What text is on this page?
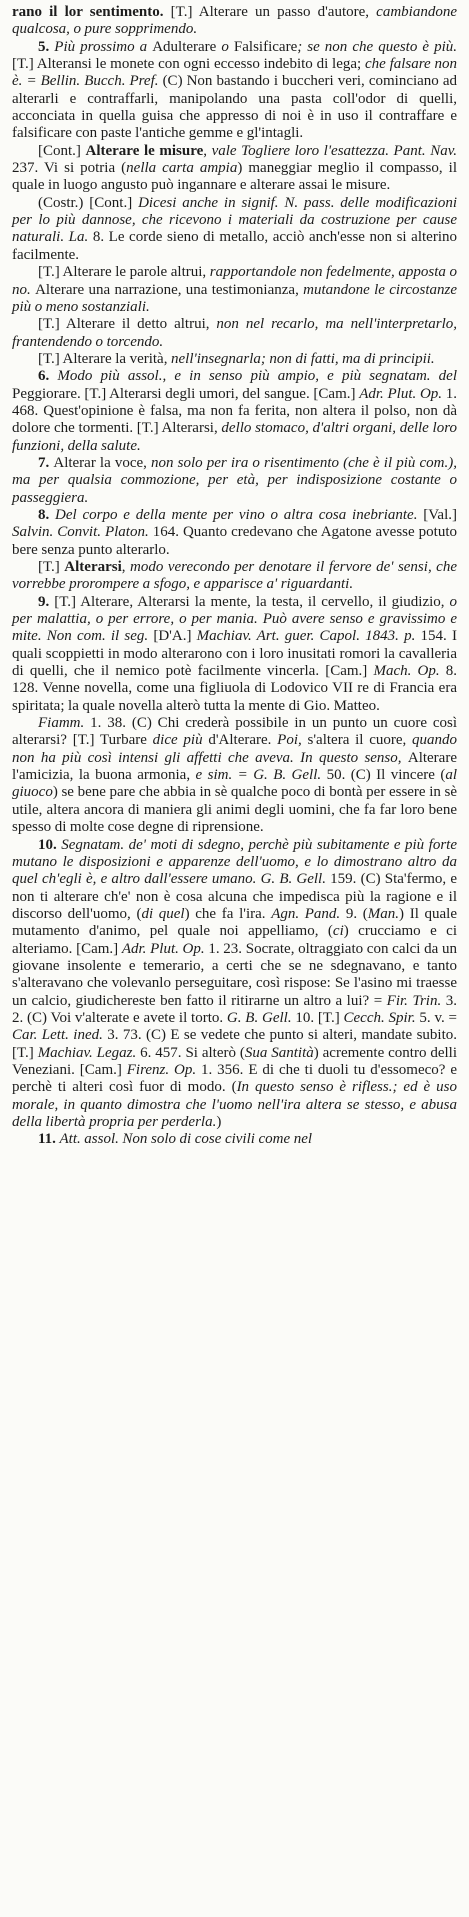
rano il lor sentimento. [T.] Alterare un passo d'autore, cambiandone qualcosa, o pure sopprimendo.

5. Più prossimo a Adulterare o Falsificare; se non che questo è più. [T.] Alteransi le monete con ogni eccesso indebito di lega; che falsare non è. = Bellin. Bucch. Pref. (C) Non bastando i buccheri veri, cominciano ad alterarli e contraffarli, manipolando una pasta coll'odor di quelli, acconciata in quella guisa che appresso di noi è in uso il contraffare e falsificare con paste l'antiche gemme e gl'intagli.

[Cont.] Alterare le misure, vale Togliere loro l'esattezza. Pant. Nav. 237. Vi si potria (nella carta ampia) maneggiar meglio il compasso, il quale in luogo angusto può ingannare e alterare assai le misure.

(Costr.) [Cont.] Dicesi anche in signif. N. pass. delle modificazioni per lo più dannose, che ricevono i materiali da costruzione per cause naturali. La. 8. Le corde sieno di metallo, acciò anch'esse non si alterino facilmente.

[T.] Alterare le parole altrui, rapportandole non fedelmente, apposta o no. Alterare una narrazione, una testimonianza, mutandone le circostanze più o meno sostanziali.

[T.] Alterare il detto altrui, non nel recarlo, ma nell'interpretarlo, frantendendo o torcendo.

[T.] Alterare la verità, nell'insegnarla; non di fatti, ma di principii.

6. Modo più assol., e in senso più ampio, e più segnatam. del Peggiorare. [T.] Alterarsi degli umori, del sangue. [Cam.] Adr. Plut. Op. 1. 468. Quest'opinione è falsa, ma non fa ferita, non altera il polso, non dà dolore che tormenti. [T.] Alterarsi, dello stomaco, d'altri organi, delle loro funzioni, della salute.

7. Alterar la voce, non solo per ira o risentimento (che è il più com.), ma per qualsia commozione, per età, per indisposizione costante o passeggiera.

8. Del corpo e della mente per vino o altra cosa inebriante. [Val.] Salvin. Convit. Platon. 164. Quanto credevano che Agatone avesse potuto bere senza punto alterarlo.

[T.] Alterarsi, modo verecondo per denotare il fervore de' sensi, che vorrebbe prorompere a sfogo, e apparisce a' riguardanti.

9. [T.] Alterare, Alterarsi la mente, la testa, il cervello, il giudizio, o per malattia, o per errore, o per mania. Può avere senso e gravissimo e mite. Non com. il seg. [D'A.] Machiav. Art. guer. Capol. 1843. p. 154. I quali scoppietti in modo alterarono con i loro inusitati romori la cavalleria di quelli, che il nemico potè facilmente vincerla. [Cam.] Mach. Op. 8. 128. Venne novella, come una figliuola di Lodovico VII re di Francia era spiritata; la quale novella alterò tutta la mente di Gio. Matteo.

Fiamm. 1. 38. (C) Chi crederà possibile in un punto un cuore così alterarsi? [T.] Turbare dice più d'Alterare. Poi, s'altera il cuore, quando non ha più così intensi gli affetti che aveva. In questo senso, Alterare l'amicizia, la buona armonia, e sim. = G. B. Gell. 50. (C) Il vincere (al giuoco) se bene pare che abbia in sè qualche poco di bontà per essere in sè utile, altera ancora di maniera gli animi degli uomini, che fa far loro bene spesso di molte cose degne di riprensione.

10. Segnatam. de' moti di sdegno, perchè più subitamente e più forte mutano le disposizioni e apparenze dell'uomo, e lo dimostrano altro da quel ch'egli è, e altro dall'essere umano. G. B. Gell. 159. (C) Sta'fermo, e non ti alterare ch'e' non è cosa alcuna che impedisca più la ragione e il discorso dell'uomo, (di quel) che fa l'ira. Agn. Pand. 9. (Man.) Il quale mutamento d'animo, pel quale noi appelliamo, (ci) crucciamo e ci alteriamo. [Cam.] Adr. Plut. Op. 1. 23. Socrate, oltraggiato con calci da un giovane insolente e temerario, a certi che se ne sdegnavano, e tanto s'alteravano che volevanlo perseguitare, così rispose: Se l'asino mi traesse un calcio, giudichereste ben fatto il ritirarne un altro a lui? = Fir. Trin. 3. 2. (C) Voi v'alterate e avete il torto. G. B. Gell. 10. [T.] Cecch. Spir. 5. v. = Car. Lett. ined. 3. 73. (C) E se vedete che punto si alteri, mandate subito. [T.] Machiav. Legaz. 6. 457. Si alterò (Sua Santità) acremente contro delli Veneziani. [Cam.] Firenz. Op. 1. 356. E di che ti duoli tu d'essomeco? e perchè ti alteri così fuor di modo. (In questo senso è rifless.; ed è uso morale, in quanto dimostra che l'uomo nell'ira altera se stesso, e abusa della libertà propria per perderla.)

11. Att. assol. Non solo di cose civili come nel
